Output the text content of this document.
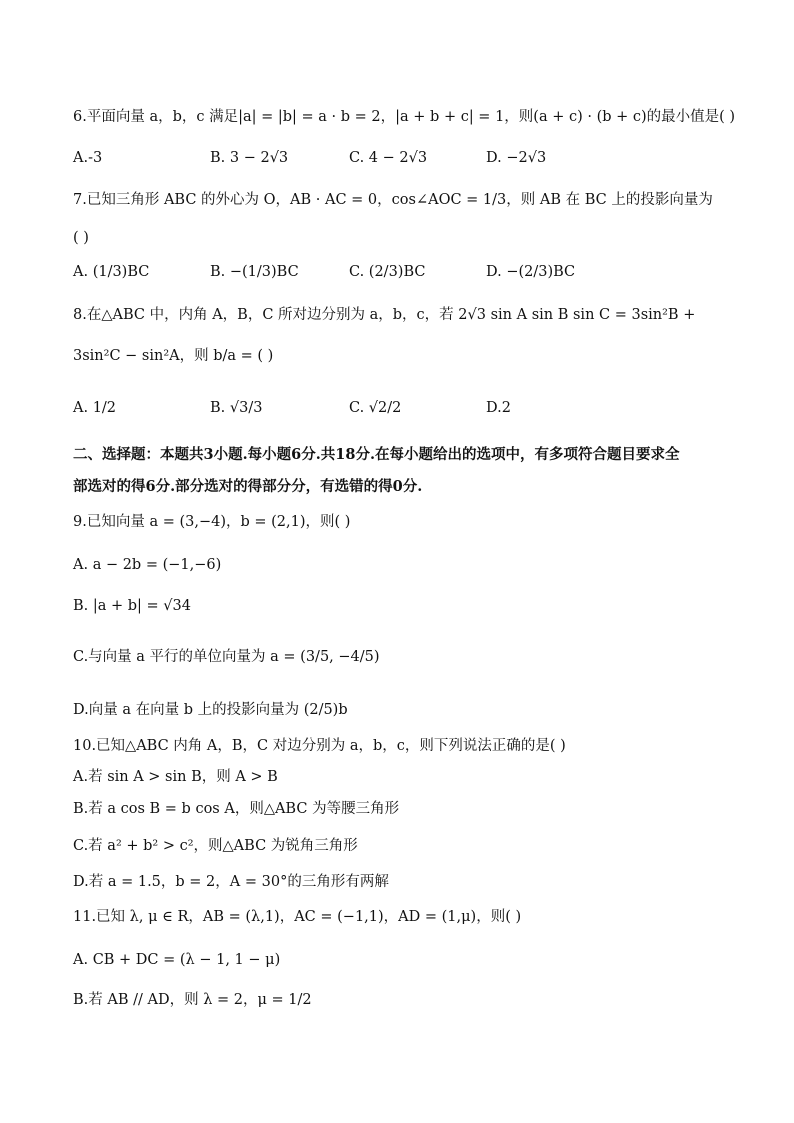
6.平面向量 a，b，c 满足|a| = |b| = a · b = 2，|a + b + c| = 1，则(a + c) · (b + c)的最小值是( )
A.-3	B. 3 − 2√3	C. 4 − 2√3	D. −2√3
7.已知三角形 ABC 的外心为 O，AB · AC = 0，cos∠AOC = 1/3，则 AB 在 BC 上的投影向量为
( )
A. (1/3)BC	B. −(1/3)BC	C. (2/3)BC	D. −(2/3)BC
8.在△ABC 中，内角 A，B，C 所对边分别为 a，b，c，若 2√3 sin A sin B sin C = 3sin²B +
3sin²C − sin²A，则 b/a = ( )
A. 1/2	B. √3/3	C. √2/2	D.2
二、选择题：本题共3小题.每小题6分.共18分.在每小题给出的选项中，有多项符合题目要求全
部选对的得6分.部分选对的得部分分，有选错的得0分.
9.已知向量 a = (3,−4)，b = (2,1)，则( )
A. a − 2b = (−1,−6)
B. |a + b| = √34
C.与向量 a 平行的单位向量为 a = (3/5, −4/5)
D.向量 a 在向量 b 上的投影向量为 (2/5)b
10.已知△ABC 内角 A，B，C 对边分别为 a，b，c，则下列说法正确的是( )
A.若 sin A > sin B，则 A > B
B.若 a cos B = b cos A，则△ABC 为等腰三角形
C.若 a² + b² > c²，则△ABC 为锐角三角形
D.若 a = 1.5，b = 2，A = 30°的三角形有两解
11.已知 λ, μ ∈ R，AB = (λ,1)，AC = (−1,1)，AD = (1,μ)，则( )
A. CB + DC = (λ − 1, 1 − μ)
B.若 AB // AD，则 λ = 2，μ = 1/2
